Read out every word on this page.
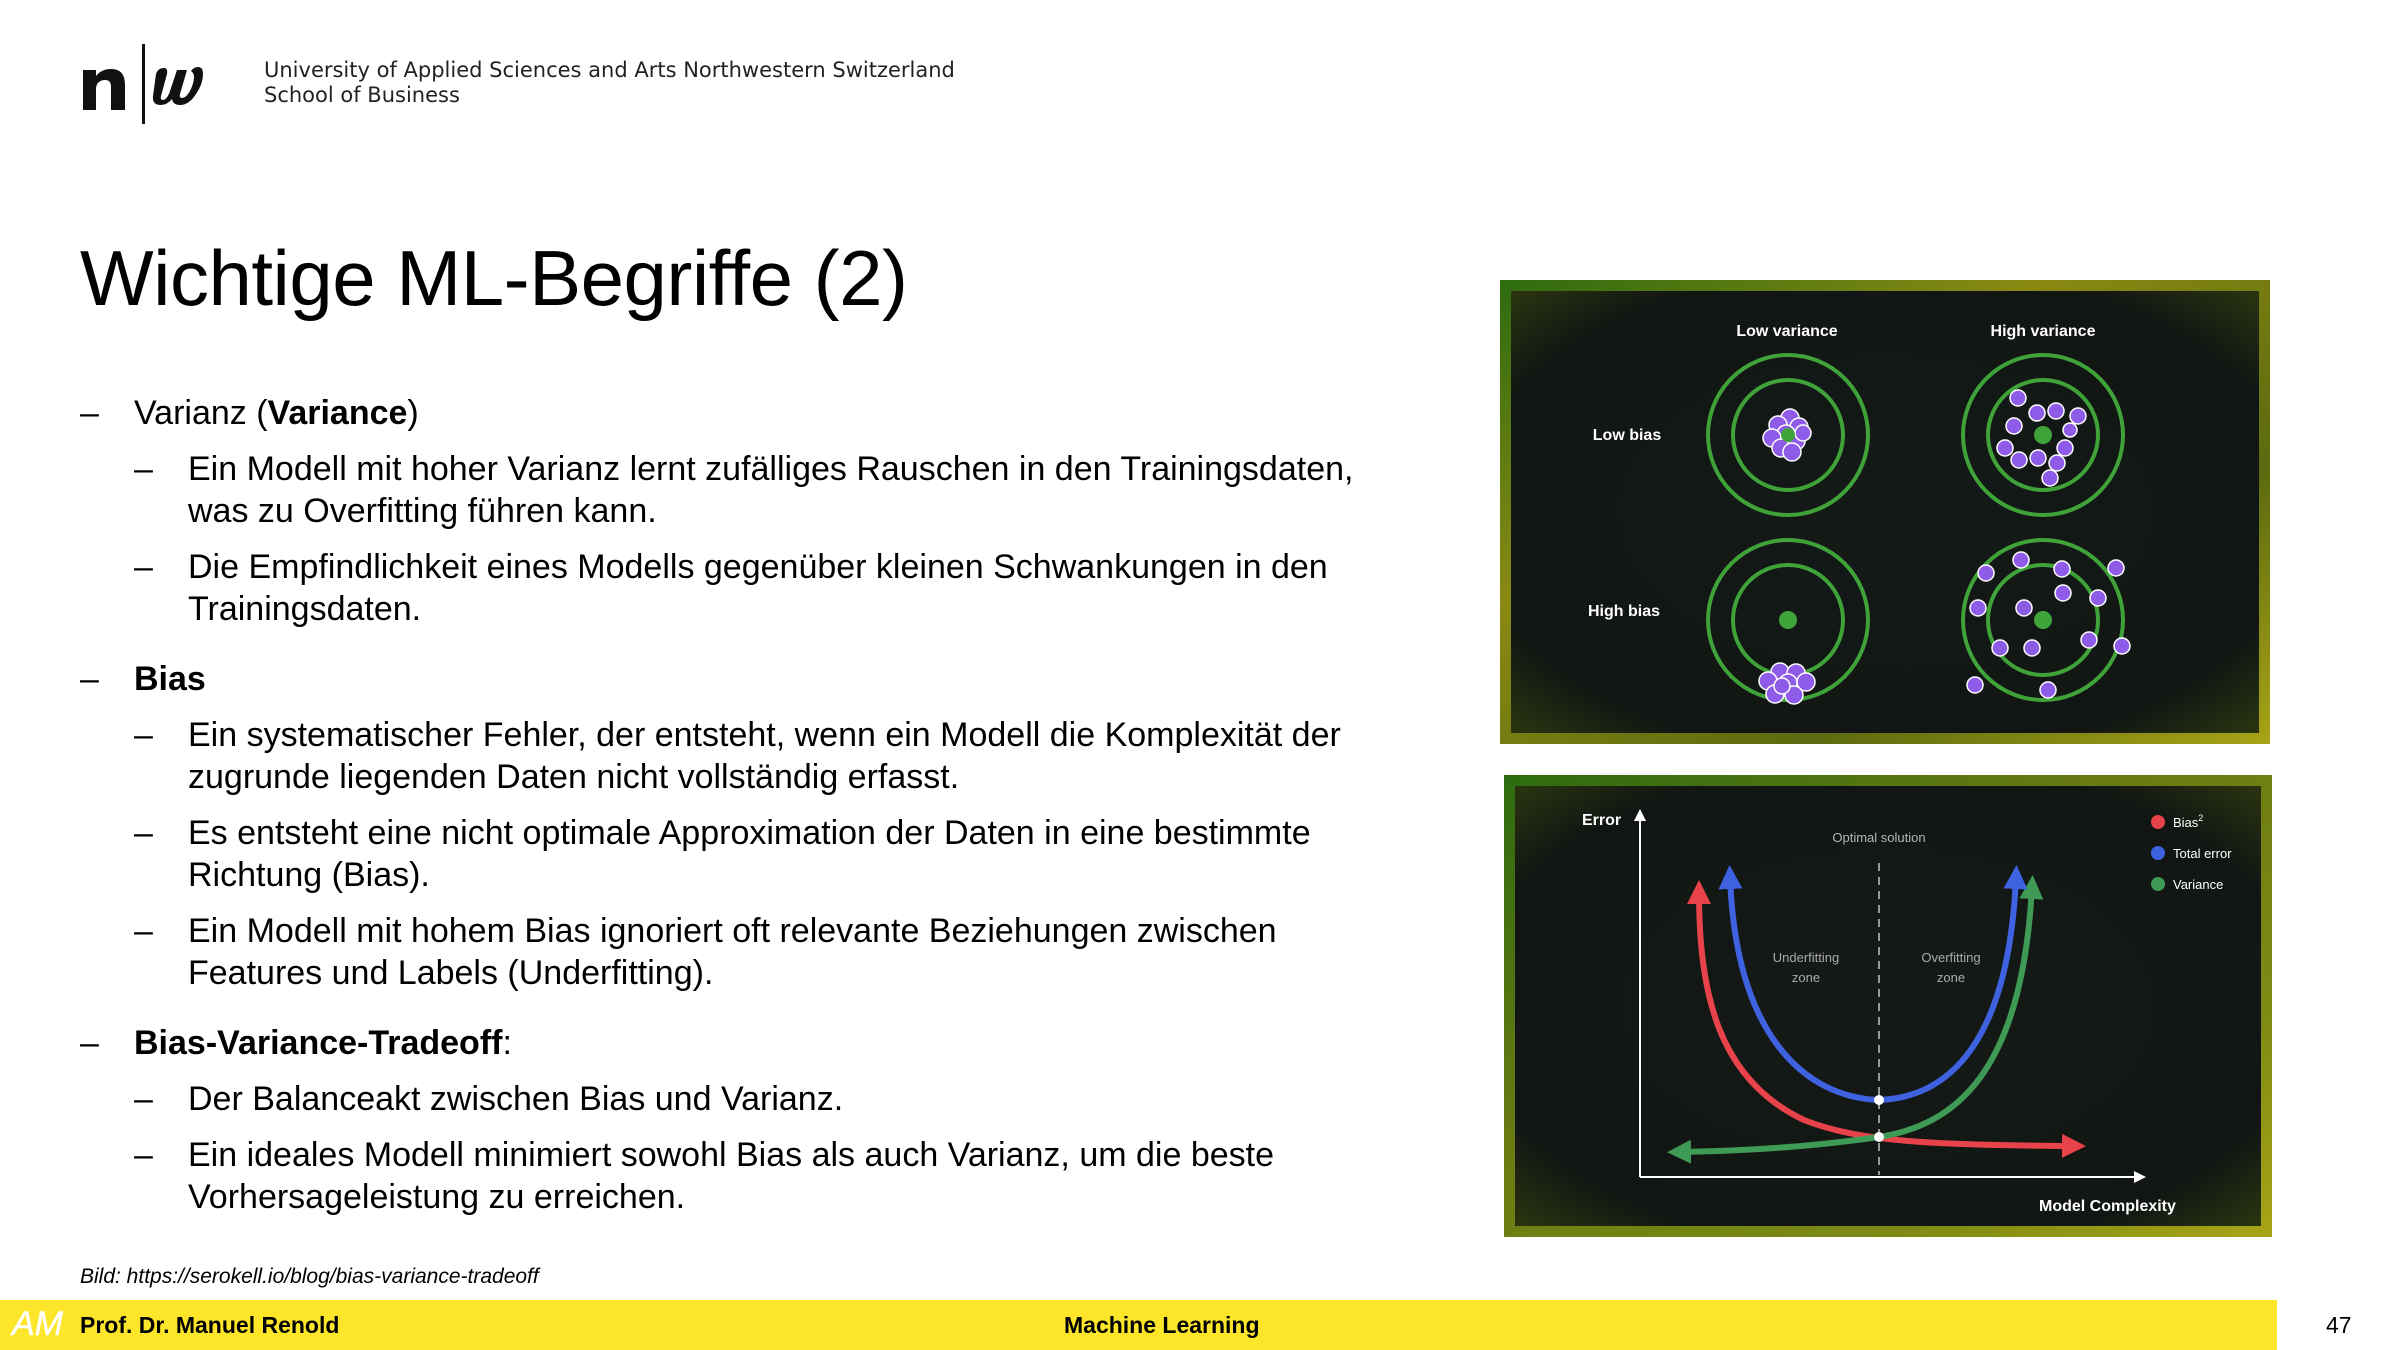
University of Applied Sciences and Arts Northwestern Switzerland
School of Business
Wichtige ML-Begriffe (2)
– Varianz (Variance)
– Ein Modell mit hoher Varianz lernt zufälliges Rauschen in den Trainingsdaten, was zu Overfitting führen kann.
– Die Empfindlichkeit eines Modells gegenüber kleinen Schwankungen in den Trainingsdaten.
– Bias
– Ein systematischer Fehler, der entsteht, wenn ein Modell die Komplexität der zugrunde liegenden Daten nicht vollständig erfasst.
– Es entsteht eine nicht optimale Approximation der Daten in eine bestimmte Richtung (Bias).
– Ein Modell mit hohem Bias ignoriert oft relevante Beziehungen zwischen Features und Labels (Underfitting).
– Bias-Variance-Tradeoff:
– Der Balanceakt zwischen Bias und Varianz.
– Ein ideales Modell minimiert sowohl Bias als auch Varianz, um die beste Vorhersageleistung zu erreichen.
Bild: https://serokell.io/blog/bias-variance-tradeoff
Low variance	High variance
Low bias
High bias
Error
Model Complexity
Optimal solution
Underfitting
zone
Overfitting
zone
Bias$^2$
Total error
Variance
AM Prof. Dr. Manuel Renold	Machine Learning	47
